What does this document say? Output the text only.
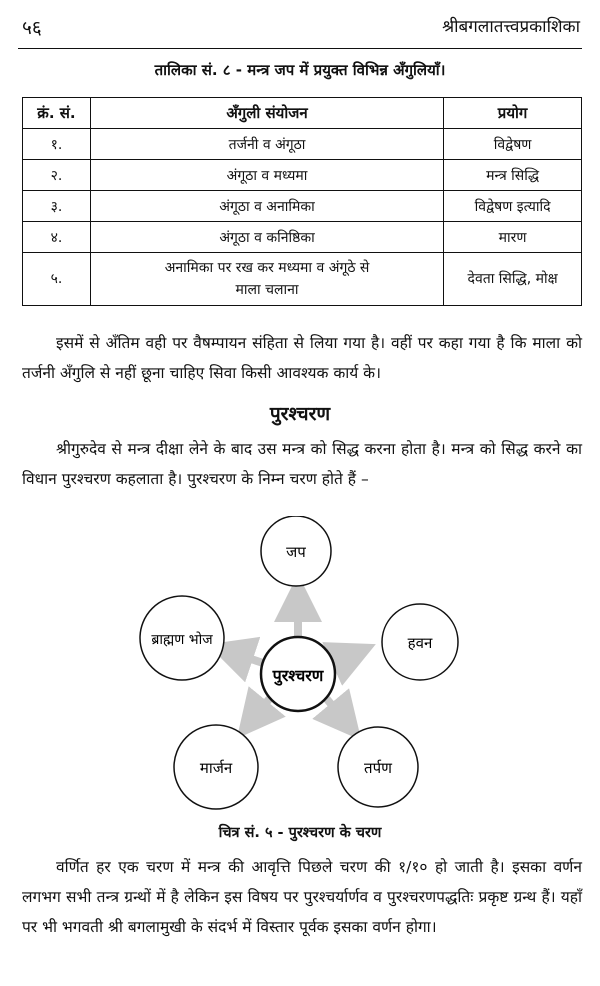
५६	श्रीबगलातत्त्वप्रकाशिका
तालिका सं. ८ - मन्त्र जप में प्रयुक्त विभिन्न अँगुलियाँ।
क्रं. सं.	अँगुली संयोजन	प्रयोग
१.	तर्जनी व अंगूठा	विद्वेषण
२.	अंगूठा व मध्यमा	मन्त्र सिद्धि
३.	अंगूठा व अनामिका	विद्वेषण इत्यादि
४.	अंगूठा व कनिष्ठिका	मारण
५.	अनामिका पर रख कर मध्यमा व अंगूठे से
माला चलाना	देवता सिद्धि, मोक्ष
इसमें से अँतिम वही पर वैषम्पायन संहिता से लिया गया है। वहीं पर कहा गया है कि माला को तर्जनी अँगुलि से नहीं छूना चाहिए सिवा किसी आवश्यक कार्य के।
पुरश्चरण
श्रीगुरुदेव से मन्त्र दीक्षा लेने के बाद उस मन्त्र को सिद्ध करना होता है। मन्त्र को सिद्ध करने का विधान पुरश्चरण कहलाता है। पुरश्चरण के निम्न चरण होते हैं –
पुरश्चरण
जप
हवन
तर्पण
मार्जन
ब्राह्मण भोज
चित्र सं. ५ - पुरश्चरण के चरण
वर्णित हर एक चरण में मन्त्र की आवृत्ति पिछले चरण की १/१० हो जाती है। इसका वर्णन लगभग सभी तन्त्र ग्रन्थों में है लेकिन इस विषय पर पुरश्चर्यार्णव व पुरश्चरणपद्धतिः प्रकृष्ट ग्रन्थ हैं। यहाँ पर भी भगवती श्री बगलामुखी के संदर्भ में विस्तार पूर्वक इसका वर्णन होगा।
